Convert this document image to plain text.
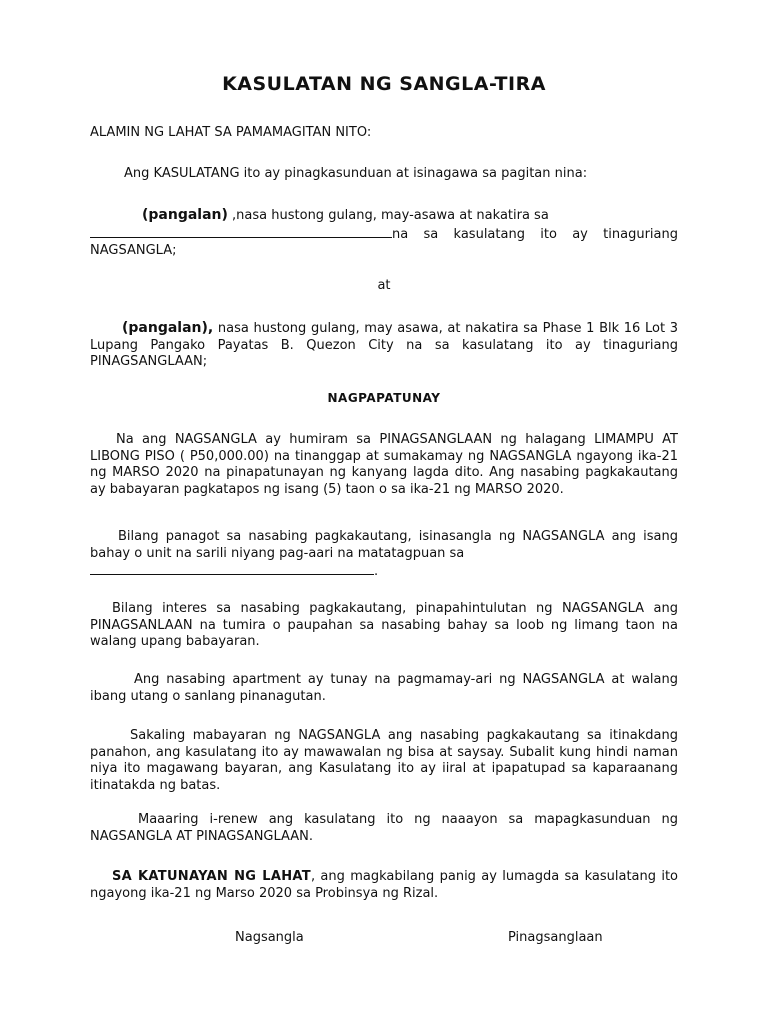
KASULATAN NG SANGLA-TIRA
ALAMIN NG LAHAT SA PAMAMAGITAN NITO:
Ang KASULATANG ito ay pinagkasunduan at isinagawa sa pagitan nina:
(pangalan) ,nasa hustong gulang, may-asawa at nakatira sa
na sa kasulatang ito ay tinaguriang NAGSANGLA;
at
(pangalan), nasa hustong gulang, may asawa, at nakatira sa Phase 1 Blk 16 Lot 3 Lupang Pangako Payatas B. Quezon City na sa kasulatang ito ay tinaguriang PINAGSANGLAAN;
NAGPAPATUNAY
Na ang NAGSANGLA ay humiram sa PINAGSANGLAAN ng halagang LIMAMPU AT LIBONG PISO ( P50,000.00) na tinanggap at sumakamay ng NAGSANGLA ngayong ika-21 ng MARSO 2020 na pinapatunayan ng kanyang lagda dito. Ang nasabing pagkakautang ay babayaran pagkatapos ng isang (5) taon o sa ika-21 ng MARSO 2020.
Bilang panagot sa nasabing pagkakautang, isinasangla ng NAGSANGLA ang isang bahay o unit na sarili niyang pag-aari na matatagpuan sa
.
Bilang interes sa nasabing pagkakautang, pinapahintulutan ng NAGSANGLA ang PINAGSANLAAN na tumira o paupahan sa nasabing bahay sa loob ng limang taon na walang upang babayaran.
Ang nasabing apartment ay tunay na pagmamay-ari ng NAGSANGLA at walang ibang utang o sanlang pinanagutan.
Sakaling mabayaran ng NAGSANGLA ang nasabing pagkakautang sa itinakdang panahon, ang kasulatang ito ay mawawalan ng bisa at saysay. Subalit kung hindi naman niya ito magawang bayaran, ang Kasulatang ito ay iiral at ipapatupad sa kaparaanang itinatakda ng batas.
Maaaring i-renew ang kasulatang ito ng naaayon sa mapagkasunduan ng NAGSANGLA AT PINAGSANGLAAN.
SA KATUNAYAN NG LAHAT, ang magkabilang panig ay lumagda sa kasulatang ito ngayong ika-21 ng Marso 2020 sa Probinsya ng Rizal.
Nagsangla	Pinagsanglaan
